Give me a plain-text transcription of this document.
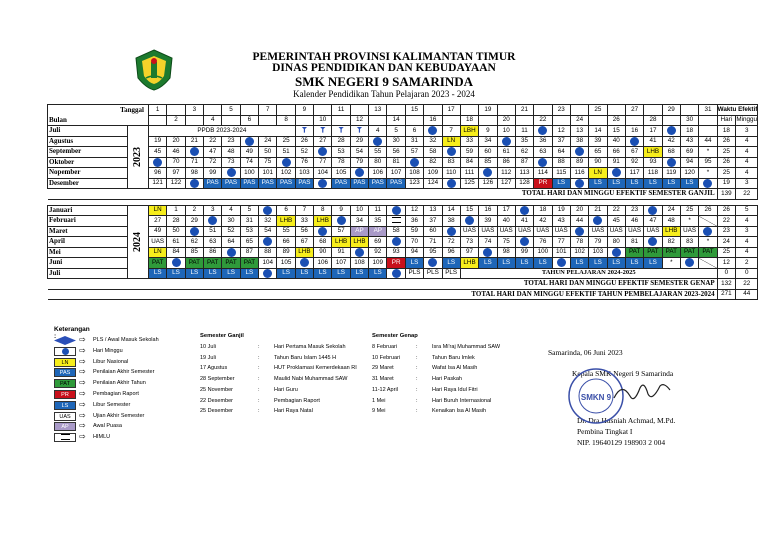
PEMERINTAH PROVINSI KALIMANTAN TIMUR
DINAS PENDIDIKAN DAN KEBUDAYAAN
SMK NEGERI 9 SAMARINDA
Kalender Pendidikan Tahun Pelajaran 2023 - 2024
Tanggal		1		3		5		7		9		11		13		15		17		19		21		23		25		27		29		31	Waktu Efektif	
Bulan			2		4		6		8		10		12		14		16		18		20		22		24		26		28		30		Hari	Minggu
Juli	2023	PPDB 2023-2024												4	5	6		7	LBH	9	10	11		12	13	14	15	16	17		18		18	3
Agustus		19	20	21	22	23		24	25	26	27	28	29		30	31	32	LN	33	34		35	36	37	38	39	40		41	42	43	44	26	4
September		45	46		47	48	49	50	51	52		53	54	55	56	57	58		59	60	61	62	63	64		65	66	67	LHB	68	69	*	25	4
Oktober			70	71	72	73	74	75		76	77	78	79	80	81		82	83	84	85	86	87		88	89	90	91	92	93		94	95	26	4
Nopember		96	97	98	99		100	101	102	103	104	105		106	107	108	109	110	111		112	113	114	115	116	LN		117	118	119	120	*	25	4
Desember		121	122		PAS	PAS	PAS	PAS	PAS	PAS		PAS	PAS	PAS	PAS	123	124		125	126	127	128	PR	LS		LS	LS	LS	LS	LS	LS		19	3
TOTAL HARI DAN MINGGU EFEKTIF SEMESTER GANJIL																																	139	22

Januari	2024	LN	1	2	3	4	5		6	7	8	9	10	11		12	13	14	15	16	17		18	19	20	21	22	23		24	25	26	26	5
Februari		27	28	29		30	31	32	LHB	33	LHB		34	35		36	37	38		39	40	41	42	43	44		45	46	47	48	*		22	4
Maret		49	50		51	52	53	54	55	56		57	AP	AP	58	59	60		UAS	UAS	UAS	UAS	UAS	UAS		UAS	UAS	UAS	UAS	LHB	UAS		23	3
April		UAS	61	62	63	64	65		66	67	68	LHB	LHB	69		70	71	72	73	74	75		76	77	78	79	80	81		82	83	*	24	4
Mei		LN	84	85	86		87	88	89	LHB	90	91		92	93	94	95	96	97		98	99	100	101	102	103		PAT	PAT	PAT	PAT	PAT	25	4
Juni		PAT		PAT	PAT	PAT	PAT	104	105		106	107	108	109	PR	LS		LS	LHB	LS	LS	LS	LS		LS	LS	LS	LS	LS	*			12	2
Juli		LS	LS	LS	LS	LS	LS		LS	LS	LS	LS	LS	LS		PLS	PLS	PLS	TAHUN PELAJARAN 2024-2025														0	0
TOTAL HARI DAN MINGGU EFEKTIF SEMESTER GENAP																																	132	22
TOTAL HARI DAN MINGGU EFEKTIF TAHUN PEMBELAJARAN 2023-2024																																	271	44
Keterangan :	⇨ PLS / Awal Masuk Sekolah
⇨ Hari Minggu
LN	⇨ Libur Nasional
PAS	⇨ Penilaian Akhir Semester
PAT	⇨ Penilaian Akhir Tahun
PR	⇨ Pembagian Raport
LS	⇨ Libur Semester
UAS	⇨ Ujian Akhir Semester
AP	⇨ Awal Puasa
⇨ HIMLU
Semester Ganjil
10 Juli	:	Hari Pertama Masuk Sekolah
19 Juli	:	Tahun Baru Islam 1445 H
17 Agustus	:	HUT Proklamasi Kemerdekaan RI
28 September	:	Maulid Nabi Muhammad SAW
25 November	:	Hari Guru
22 Desember	:	Pembagian Raport
25 Desember	:	Hari Raya Natal
Semester Genap
8 Februari	:	Isra Mi'raj Muhammad SAW
10 Februari	:	Tahun Baru Imlek
29 Maret	:	Wafat Isa Al Masih
31 Maret	:	Hari Paskah
11-12 April	:	Hari Raya Idul Fitri
1 Mei	:	Hari Buruh Internasional
9 Mei	:	Kenaikan Isa Al Masih
Samarinda, 06 Juni 2023
Kepala SMK Negeri 9 Samarinda
Dr. Dra Husniah Achmad, M.Pd.
Pembina Tingkat I
NIP. 19640129 198903 2 004
SMKN 9
